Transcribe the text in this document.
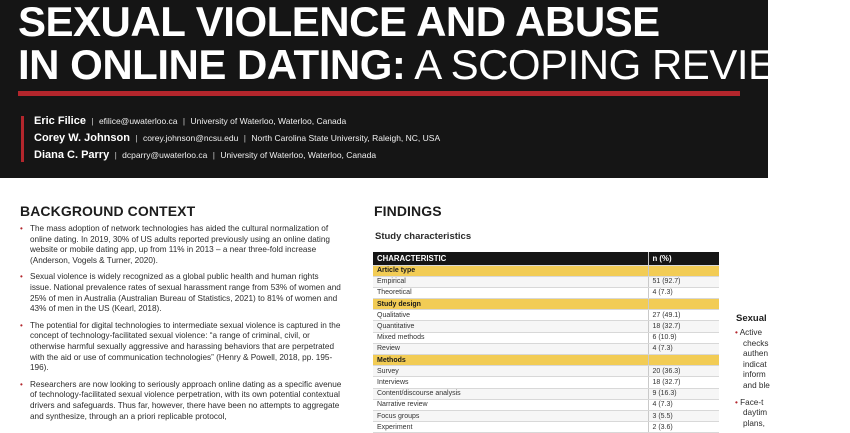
SEXUAL VIOLENCE AND ABUSE
IN ONLINE DATING: A SCOPING REVIEW
Eric Filice | efilice@uwaterloo.ca | University of Waterloo, Waterloo, Canada
Corey W. Johnson | corey.johnson@ncsu.edu | North Carolina State University, Raleigh, NC, USA
Diana C. Parry | dcparry@uwaterloo.ca | University of Waterloo, Waterloo, Canada
BACKGROUND CONTEXT
• The mass adoption of network technologies has aided the cultural normalization of online dating. In 2019, 30% of US adults reported previously using an online dating website or mobile dating app, up from 11% in 2013 – a near three-fold increase (Anderson, Vogels & Turner, 2020).
• Sexual violence is widely recognized as a global public health and human rights issue. National prevalence rates of sexual harassment range from 53% of women and 25% of men in Australia (Australian Bureau of Statistics, 2021) to 81% of women and 43% of men in the US (Kearl, 2018).
• The potential for digital technologies to intermediate sexual violence is captured in the concept of technology-facilitated sexual violence: “a range of criminal, civil, or otherwise harmful sexually aggressive and harassing behaviors that are perpetrated with the aid or use of communication technologies” (Henry & Powell, 2018, pp. 195-196).
• Researchers are now looking to seriously approach online dating as a specific avenue of technology-facilitated sexual violence perpetration, with its own potential contextual drivers and safeguards. Thus far, however, there have been no attempts to aggregate and synthesize, through an a priori replicable protocol,
FINDINGS
Study characteristics
CHARACTERISTIC	n (%)
Article type	
Empirical	51 (92.7)
Theoretical	4 (7.3)
Study design	
Qualitative	27 (49.1)
Quantitative	18 (32.7)
Mixed methods	6 (10.9)
Review	4 (7.3)
Methods	
Survey	20 (36.3)
Interviews	18 (32.7)
Content/discourse analysis	9 (16.3)
Narrative review	4 (7.3)
Focus groups	3 (5.5)
Experiment	2 (3.6)
Sexual
• Active
checks
authen
indicat
inform
and ble
• Face-t
daytim
plans,
